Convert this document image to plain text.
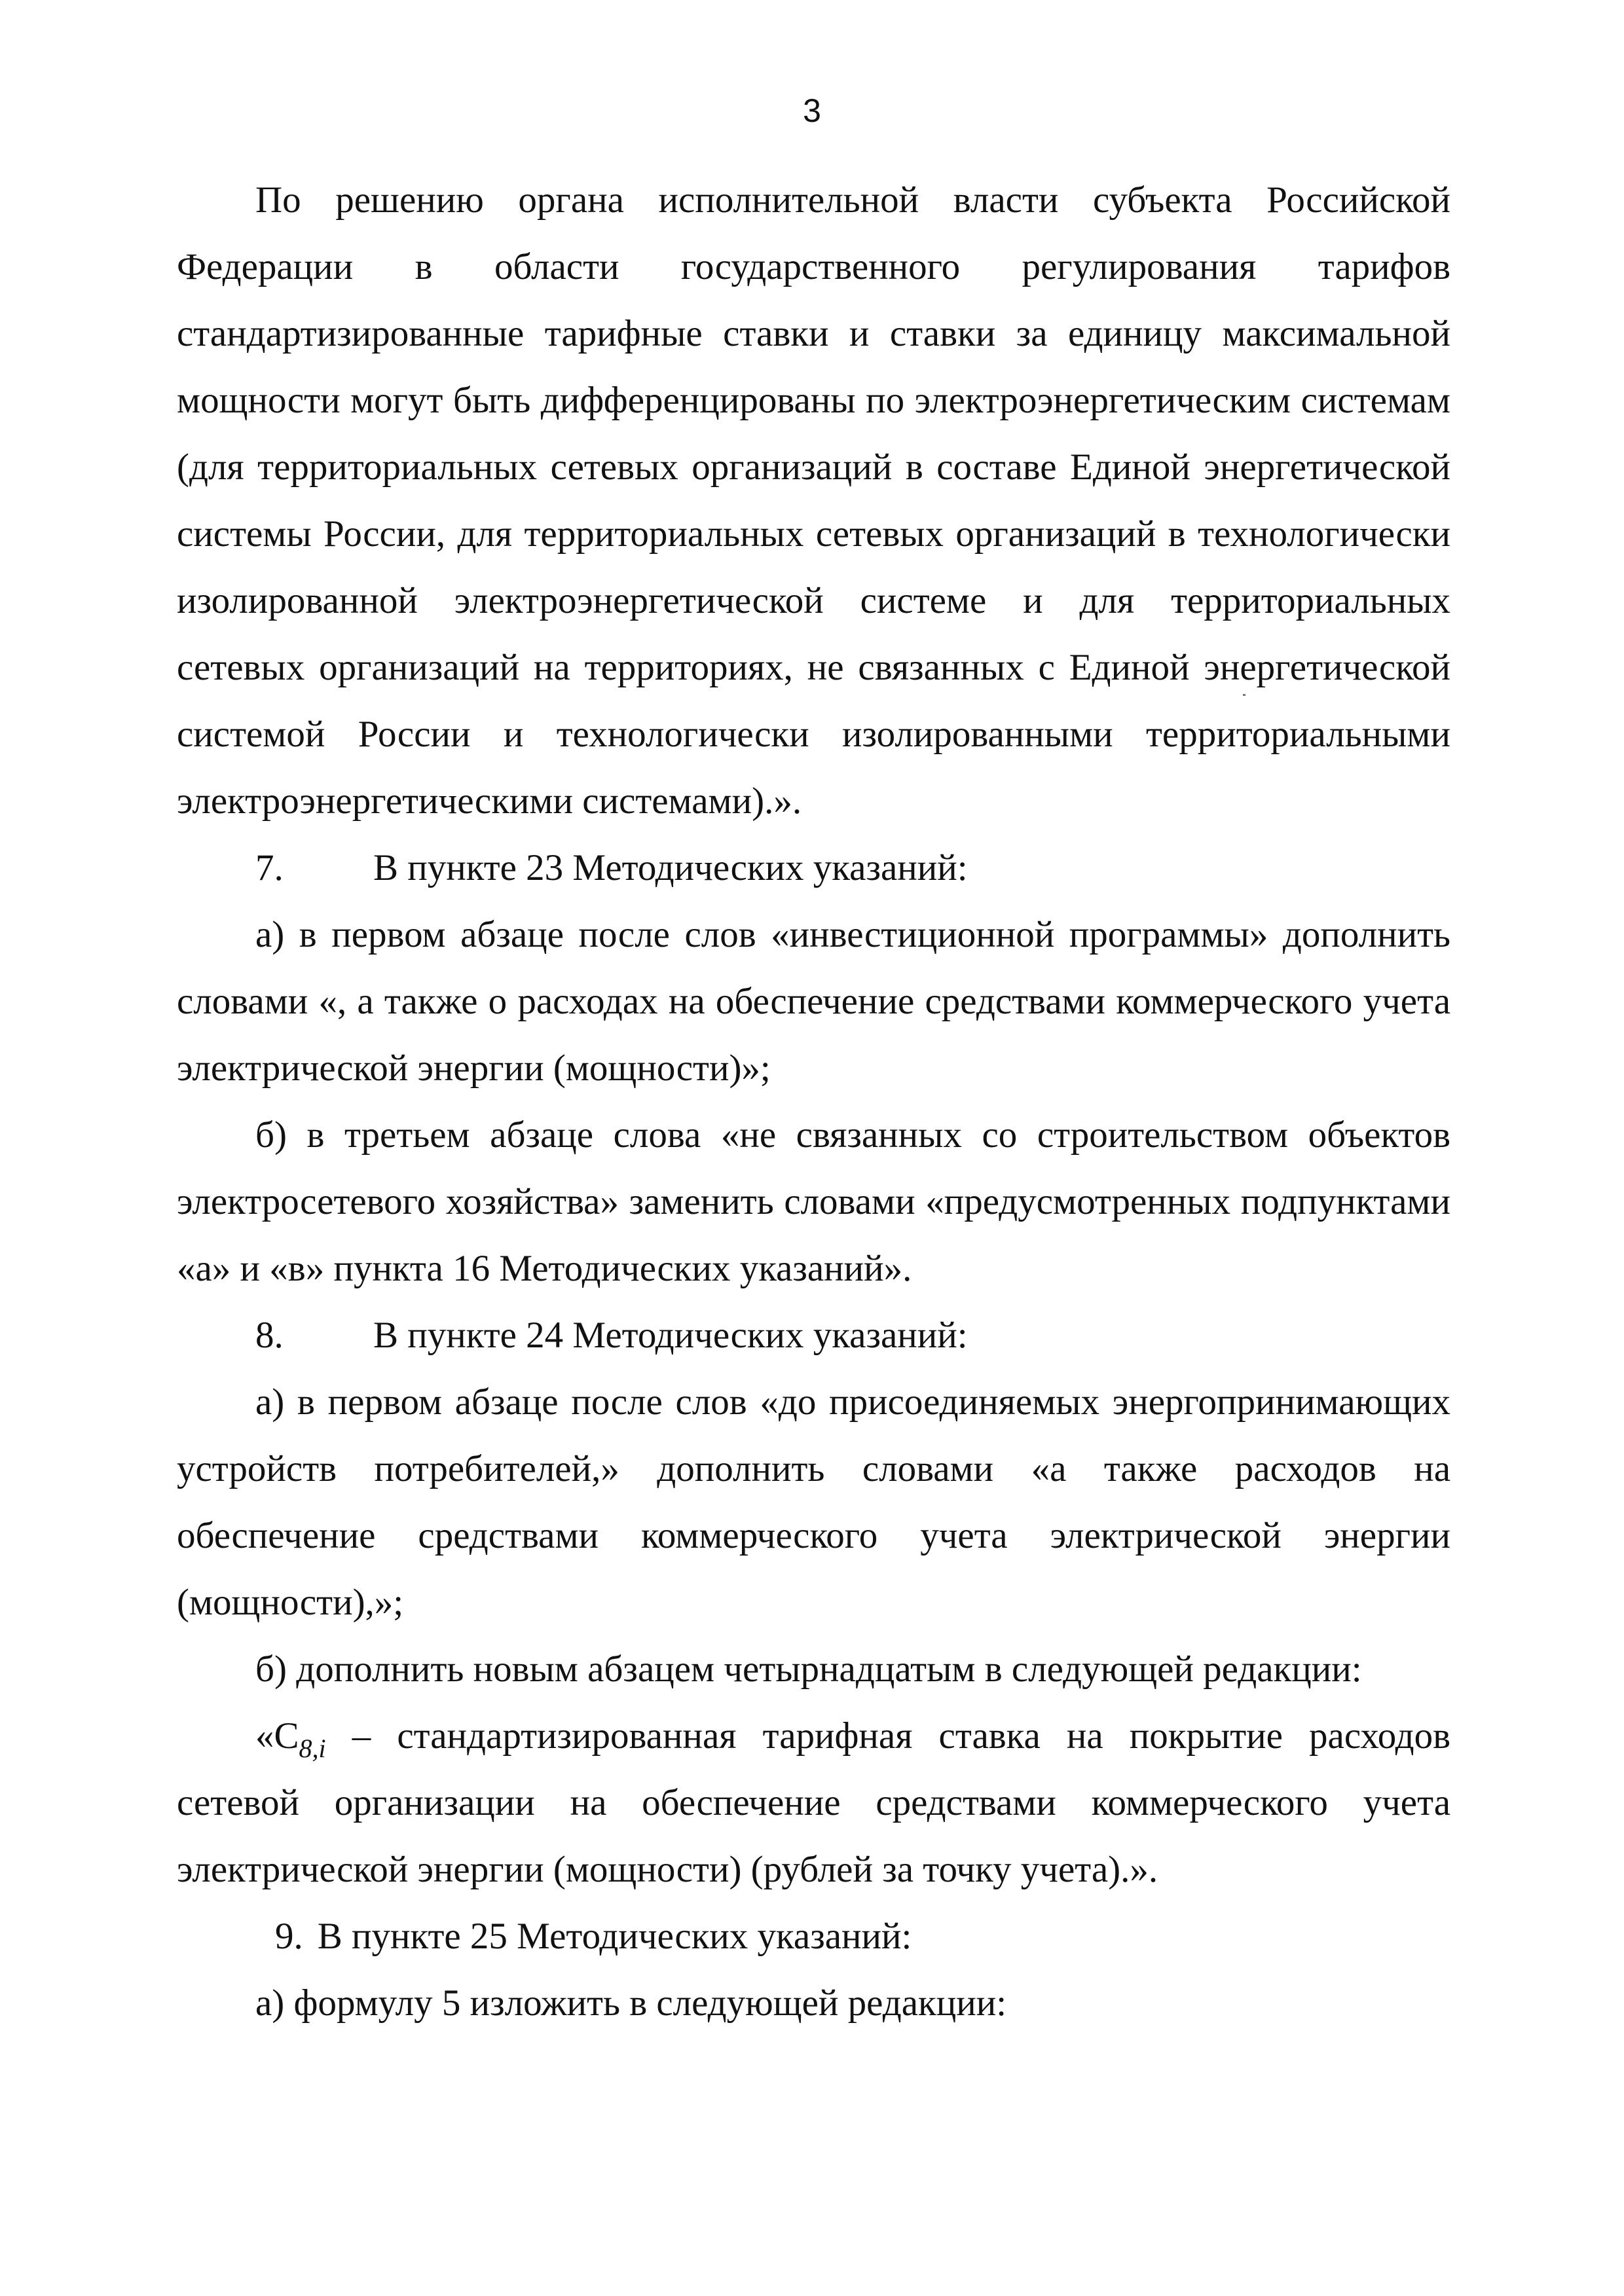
3

По решению органа исполнительной власти субъекта Российской Федерации в области государственного регулирования тарифов стандартизированные тарифные ставки и ставки за единицу максимальной мощности могут быть дифференцированы по электроэнергетическим системам (для территориальных сетевых организаций в составе Единой энергетической системы России, для территориальных сетевых организаций в технологически изолированной электроэнергетической системе и для территориальных сетевых организаций на территориях, не связанных с Единой энергетической системой России и технологически изолированными территориальными электроэнергетическими системами).».

7. В пункте 23 Методических указаний:

а) в первом абзаце после слов «инвестиционной программы» дополнить словами «, а также о расходах на обеспечение средствами коммерческого учета электрической энергии (мощности)»;

б) в третьем абзаце слова «не связанных со строительством объектов электросетевого хозяйства» заменить словами «предусмотренных подпунктами «а» и «в» пункта 16 Методических указаний».

8. В пункте 24 Методических указаний:

а) в первом абзаце после слов «до присоединяемых энергопринимающих устройств потребителей,» дополнить словами «а также расходов на обеспечение средствами коммерческого учета электрической энергии (мощности),»;

б) дополнить новым абзацем четырнадцатым в следующей редакции:

«$C_{8,i}$ – стандартизированная тарифная ставка на покрытие расходов сетевой организации на обеспечение средствами коммерческого учета электрической энергии (мощности) (рублей за точку учета).».

9. В пункте 25 Методических указаний:

а) формулу 5 изложить в следующей редакции:
